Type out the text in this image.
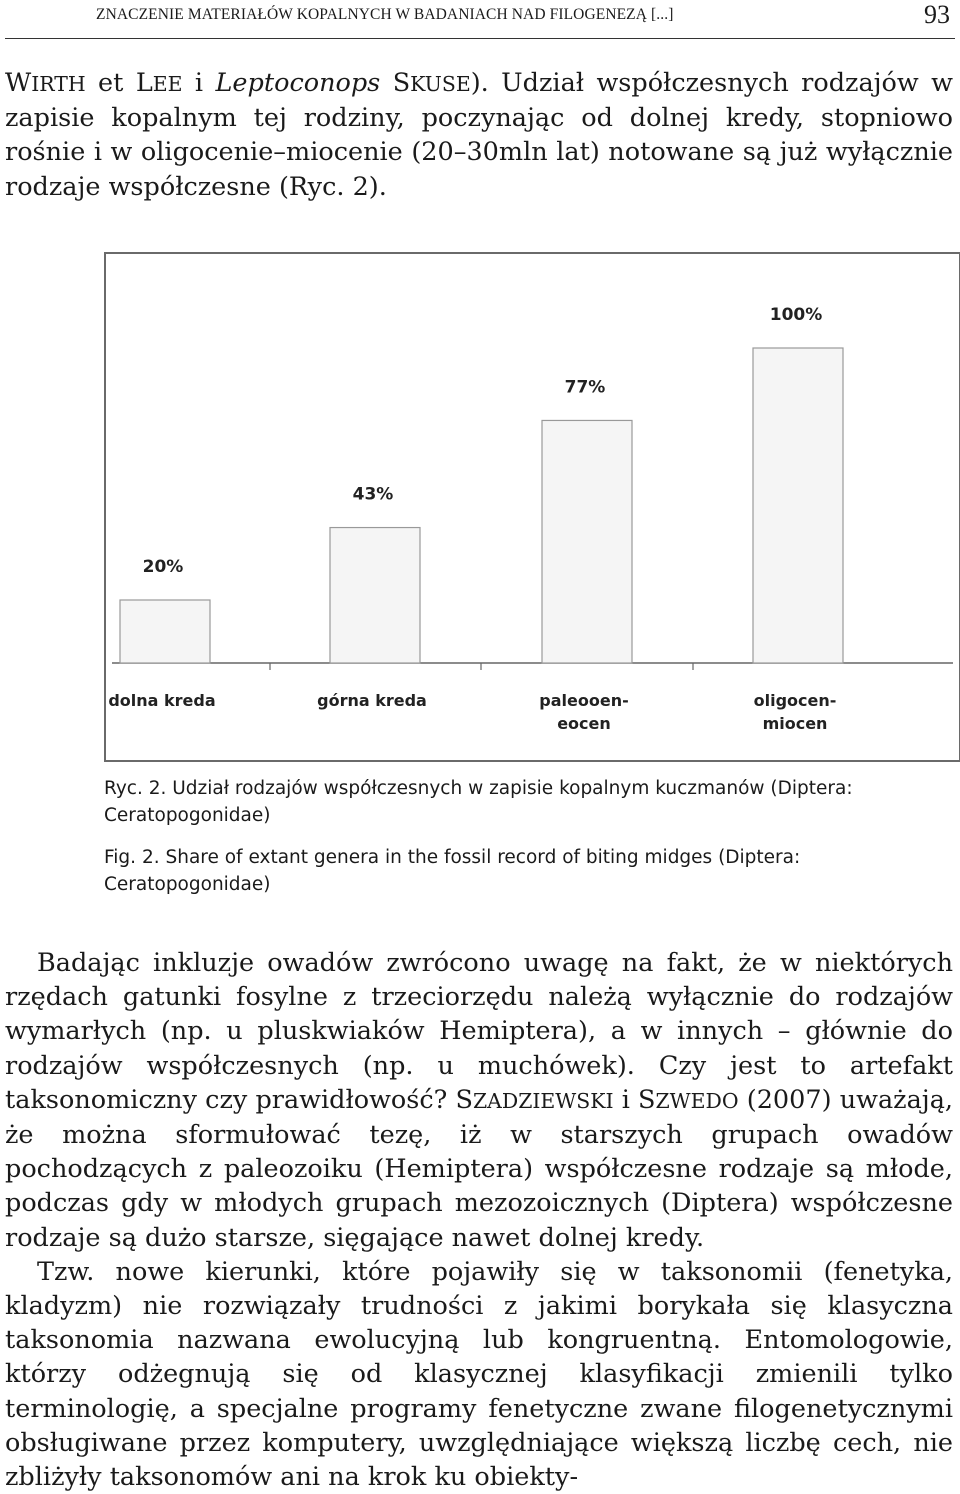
ZNACZENIE MATERIAŁÓW KOPALNYCH W BADANIACH NAD FILOGENEZĄ [...]	93

WIRTH et LEE i Leptoconops SKUSE). Udział współczesnych rodzajów w zapisie kopalnym tej rodziny, poczynając od dolnej kredy, stopniowo rośnie i w oligocenie–miocenie (20–30mln lat) notowane są już wyłącznie rodzaje współczesne (Ryc. 2).

20%
dolna kreda
43%
górna kreda
77%
paleooen-
eocen
100%
oligocen-
miocen

Ryc. 2. Udział rodzajów współczesnych w zapisie kopalnym kuczmanów (Diptera: Ceratopogonidae)

Fig. 2. Share of extant genera in the fossil record of biting midges (Diptera: Ceratopogonidae)

Badając inkluzje owadów zwrócono uwagę na fakt, że w niektórych rzędach gatunki fosylne z trzeciorzędu należą wyłącznie do rodzajów wymarłych (np. u pluskwiaków Hemiptera), a w innych – głównie do rodzajów współczesnych (np. u muchówek). Czy jest to artefakt taksonomiczny czy prawidłowość? SZADZIEWSKI i SZWEDO (2007) uważają, że można sformułować tezę, iż w starszych grupach owadów pochodzących z paleozoiku (Hemiptera) współczesne rodzaje są młode, podczas gdy w młodych grupach mezozoicznych (Diptera) współczesne rodzaje są dużo starsze, sięgające nawet dolnej kredy.
Tzw. nowe kierunki, które pojawiły się w taksonomii (fenetyka, kladyzm) nie rozwiązały trudności z jakimi borykała się klasyczna taksonomia nazwana ewolucyjną lub kongruentną. Entomologowie, którzy odżegnują się od klasycznej klasyfikacji zmienili tylko terminologię, a specjalne programy fenetyczne zwane filogenetycznymi obsługiwane przez komputery, uwzględniające większą liczbę cech, nie zbliżyły taksonomów ani na krok ku obiekty-
